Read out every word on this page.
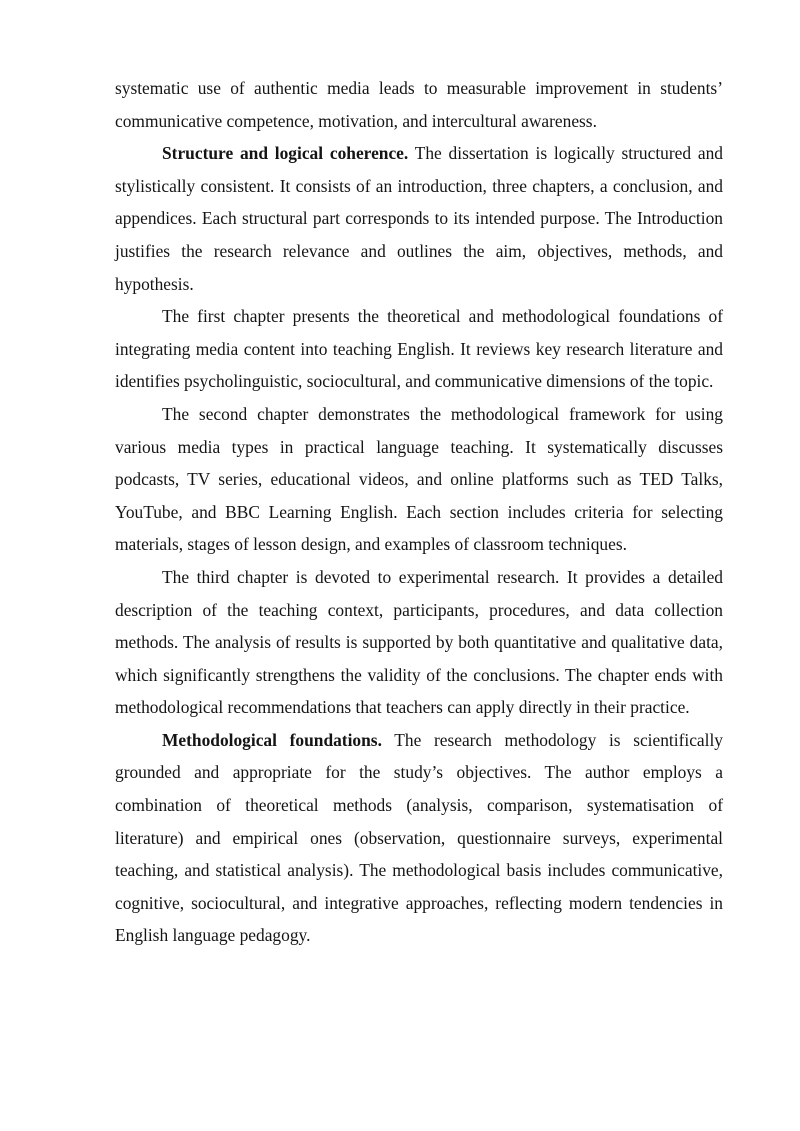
systematic use of authentic media leads to measurable improvement in students’ communicative competence, motivation, and intercultural awareness.

Structure and logical coherence. The dissertation is logically structured and stylistically consistent. It consists of an introduction, three chapters, a conclusion, and appendices. Each structural part corresponds to its intended purpose. The Introduction justifies the research relevance and outlines the aim, objectives, methods, and hypothesis.

The first chapter presents the theoretical and methodological foundations of integrating media content into teaching English. It reviews key research literature and identifies psycholinguistic, sociocultural, and communicative dimensions of the topic.

The second chapter demonstrates the methodological framework for using various media types in practical language teaching. It systematically discusses podcasts, TV series, educational videos, and online platforms such as TED Talks, YouTube, and BBC Learning English. Each section includes criteria for selecting materials, stages of lesson design, and examples of classroom techniques.

The third chapter is devoted to experimental research. It provides a detailed description of the teaching context, participants, procedures, and data collection methods. The analysis of results is supported by both quantitative and qualitative data, which significantly strengthens the validity of the conclusions. The chapter ends with methodological recommendations that teachers can apply directly in their practice.

Methodological foundations. The research methodology is scientifically grounded and appropriate for the study’s objectives. The author employs a combination of theoretical methods (analysis, comparison, systematisation of literature) and empirical ones (observation, questionnaire surveys, experimental teaching, and statistical analysis). The methodological basis includes communicative, cognitive, sociocultural, and integrative approaches, reflecting modern tendencies in English language pedagogy.
